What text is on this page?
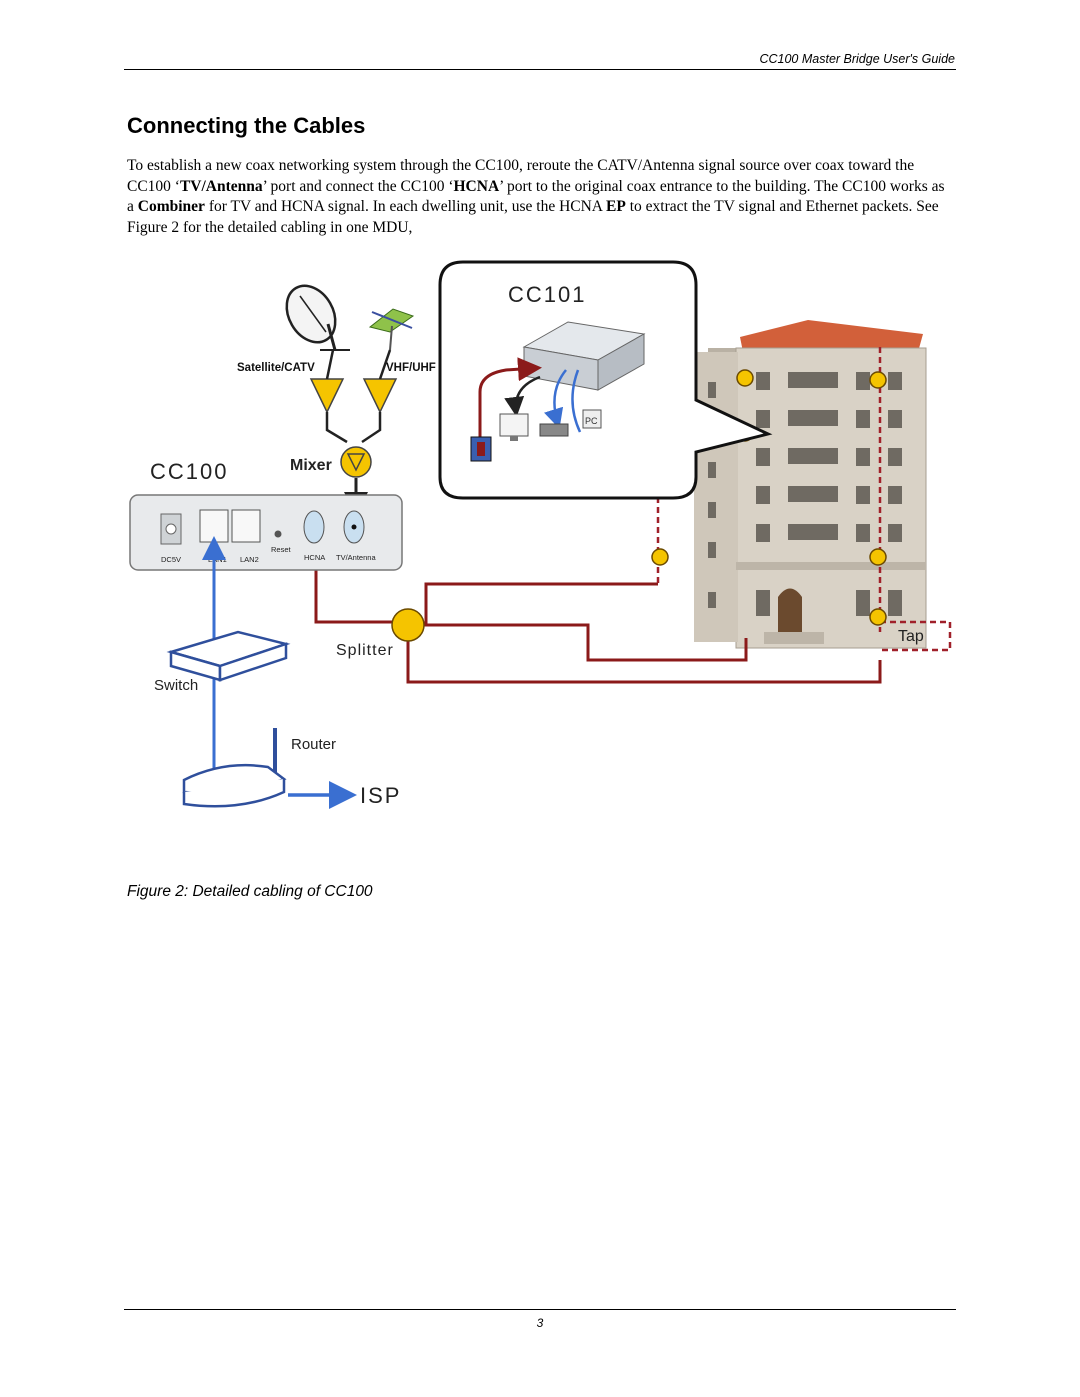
CC100 Master Bridge User's Guide
Connecting the Cables

To establish a new coax networking system through the CC100, reroute the CATV/Antenna signal source over coax toward the CC100 ‘TV/Antenna’ port and connect the CC100 ‘HCNA’ port to the original coax entrance to the building. The CC100 works as a Combiner for TV and HCNA signal. In each dwelling unit, use the HCNA EP to extract the TV signal and Ethernet packets. See Figure 2 for the detailed cabling in one MDU,

Tap
CC101
PC
Satellite/CATV	VHF/UHF
Mixer
CC100
DC5V	LAN1 LAN2
Reset
HCNA TV/Antenna
Splitter
Switch
Router
ISP
Figure 2: Detailed cabling of CC100
3
